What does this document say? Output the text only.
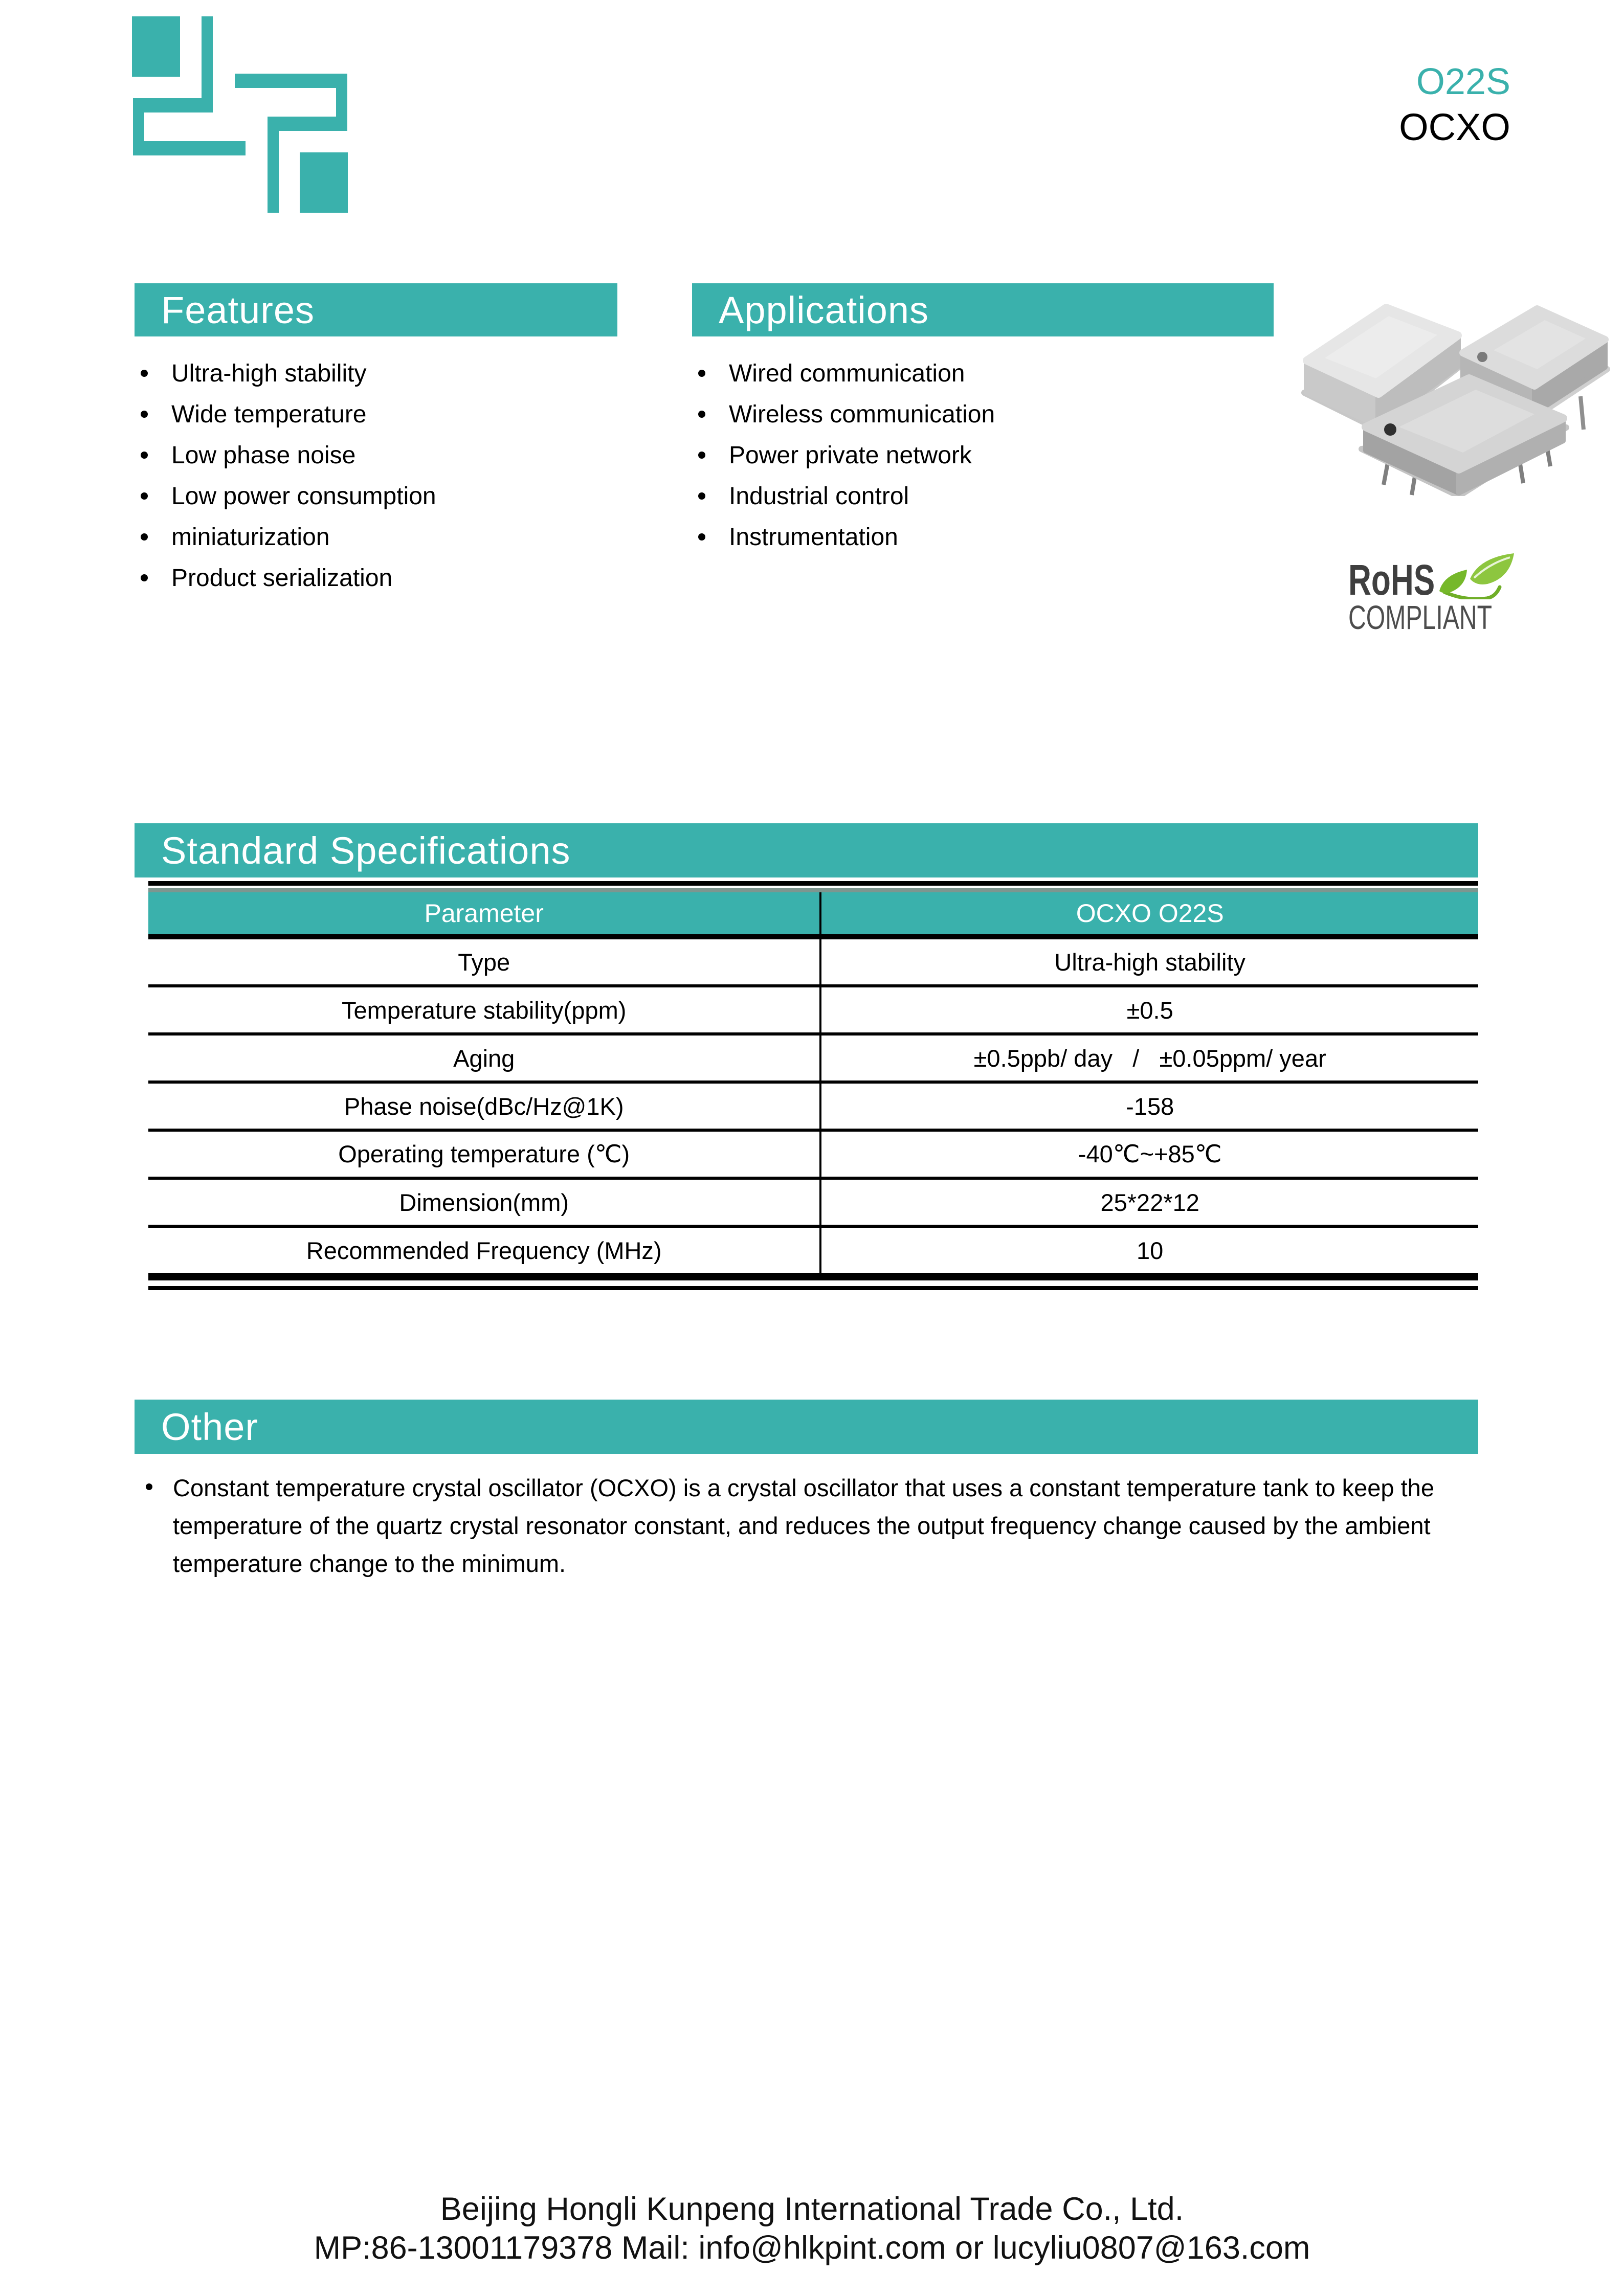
O22S
OCXO
Features
Ultra-high stability
Wide temperature
Low phase noise
Low power consumption
miniaturization
Product serialization
Applications
Wired communication
Wireless communication
Power private network
Industrial control
Instrumentation
RoHS
COMPLIANT
Standard Specifications
Parameter	OCXO O22S
Type	Ultra-high stability
Temperature stability(ppm)	±0.5
Aging	±0.5ppb/ day   /   ±0.05ppm/ year
Phase noise(dBc/Hz@1K)	-158
Operating temperature (℃)	-40℃~+85℃
Dimension(mm)	25*22*12
Recommended Frequency (MHz)	10
Other

Constant temperature crystal oscillator (OCXO) is a crystal oscillator that uses a constant temperature tank to keep the temperature of the quartz crystal resonator constant, and reduces the output frequency change caused by the ambient temperature change to the minimum.

Beijing Hongli Kunpeng International Trade Co., Ltd.
MP:86-13001179378 Mail: info@hlkpint.com or lucyliu0807@163.com
